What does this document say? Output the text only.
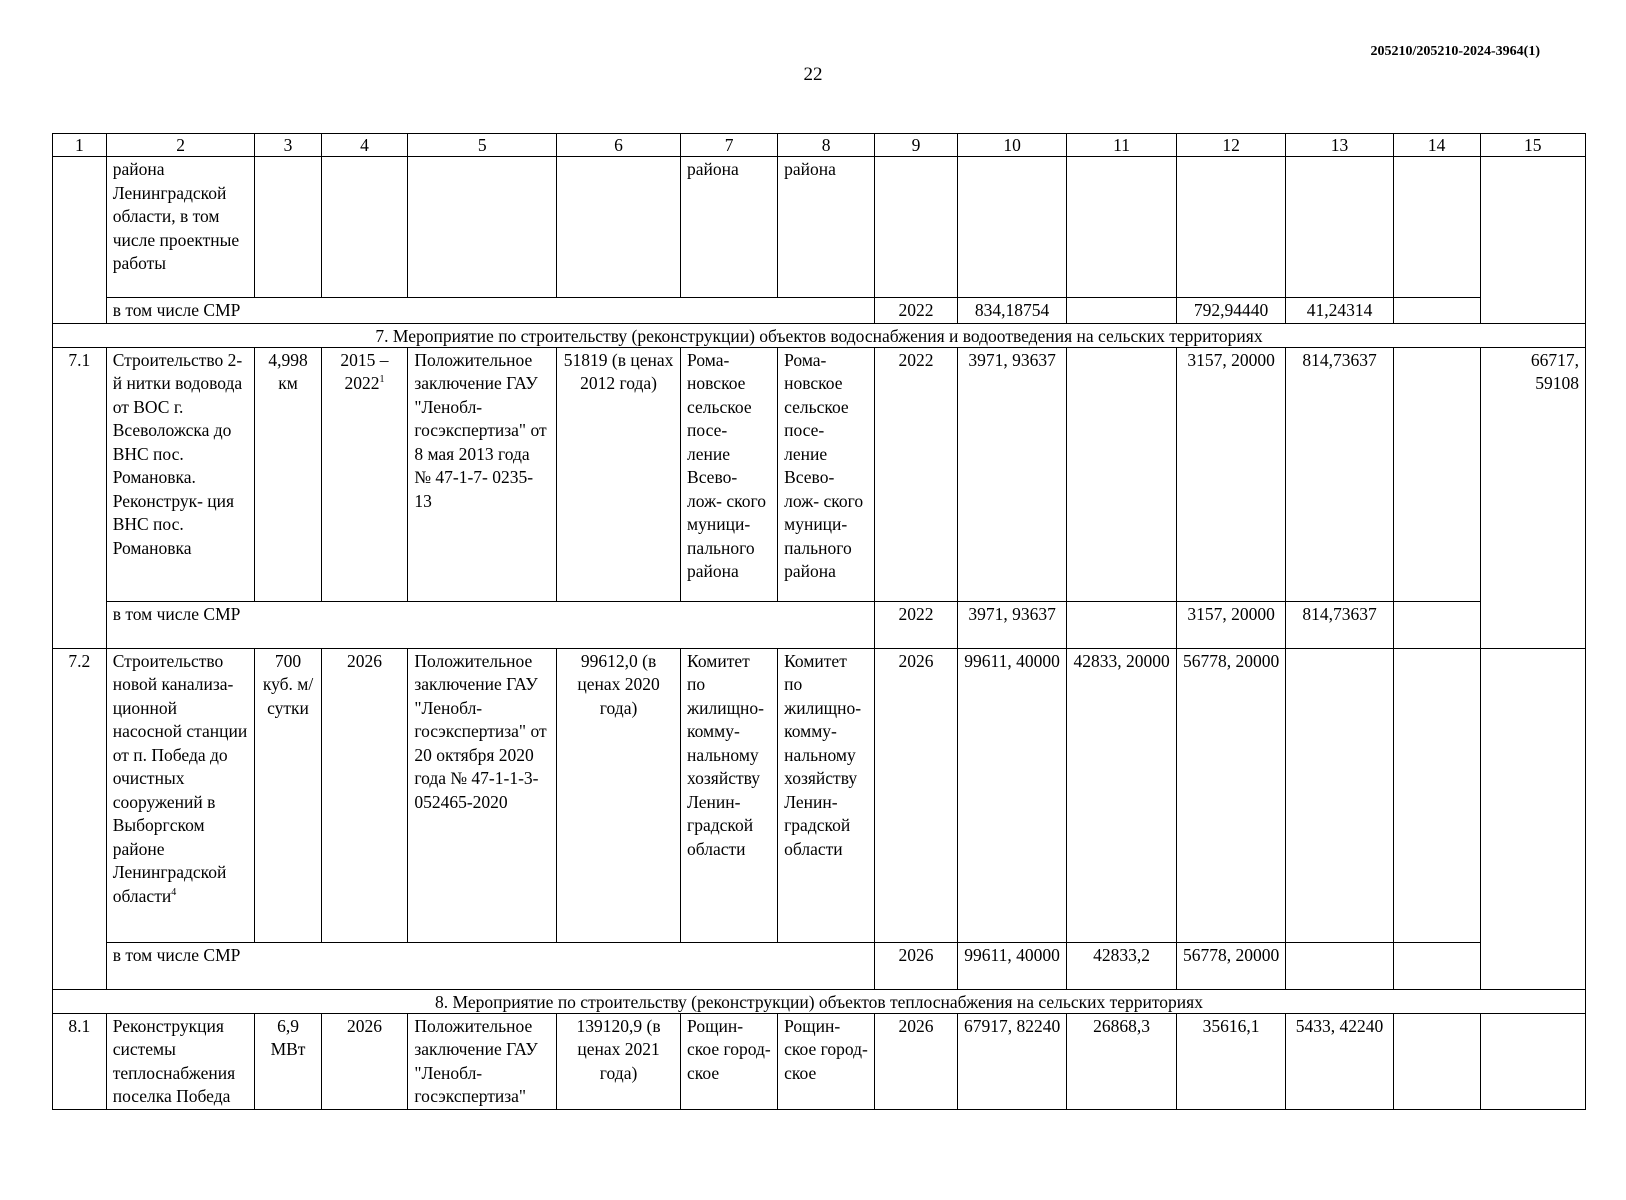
205210/205210-2024-3964(1)
22
1	2	3	4	5	6	7	8	9	10	11	12	13	14	15
	района Ленинградской области, в том числе проектные работы					района	района							
	в том числе СМР							2022	834,18754		792,94440	41,24314		
7. Мероприятие по строительству (реконструкции) объектов водоснабжения и водоотведения на сельских территориях														
7.1	Строительство 2-й нитки водовода от ВОС г. Всеволожска до ВНС пос. Романовка. Реконструк- ция ВНС пос. Романовка	4,998 км	2015 – 2022$^1$	Положительное заключение ГАУ "Ленобл- госэкспертиза" от 8 мая 2013 года № 47-1-7- 0235-13	51819 (в ценах 2012 года)	Рома- новское сельское посе- ление Всево- лож- ского муници- пального района	Рома- новское сельское посе- ление Всево- лож- ского муници- пального района	2022	3971, 93637		3157, 20000	814,73637		66717, 59108
	в том числе СМР							2022	3971, 93637		3157, 20000	814,73637		
7.2	Строительство новой канализа- ционной насосной станции от п. Победа до очистных сооружений в Выборгском районе Ленинградской области$^4$	700 куб. м/ сутки	2026	Положительное заключение ГАУ "Ленобл- госэкспертиза" от 20 октября 2020 года № 47-1-1-3- 052465-2020	99612,0 (в ценах 2020 года)	Комитет по жилищно- комму- нальному хозяйству Ленин- градской области	Комитет по жилищно- комму- нальному хозяйству Ленин- градской области	2026	99611, 40000	42833, 20000	56778, 20000			
	в том числе СМР							2026	99611, 40000	42833,2	56778, 20000			
8. Мероприятие по строительству (реконструкции) объектов теплоснабжения на сельских территориях														
8.1	Реконструкция системы теплоснабжения поселка Победа	6,9 МВт	2026	Положительное заключение ГАУ "Ленобл- госэкспертиза"	139120,9 (в ценах 2021 года)	Рощин- ское город- ское	Рощин- ское город- ское	2026	67917, 82240	26868,3	35616,1	5433, 42240		
